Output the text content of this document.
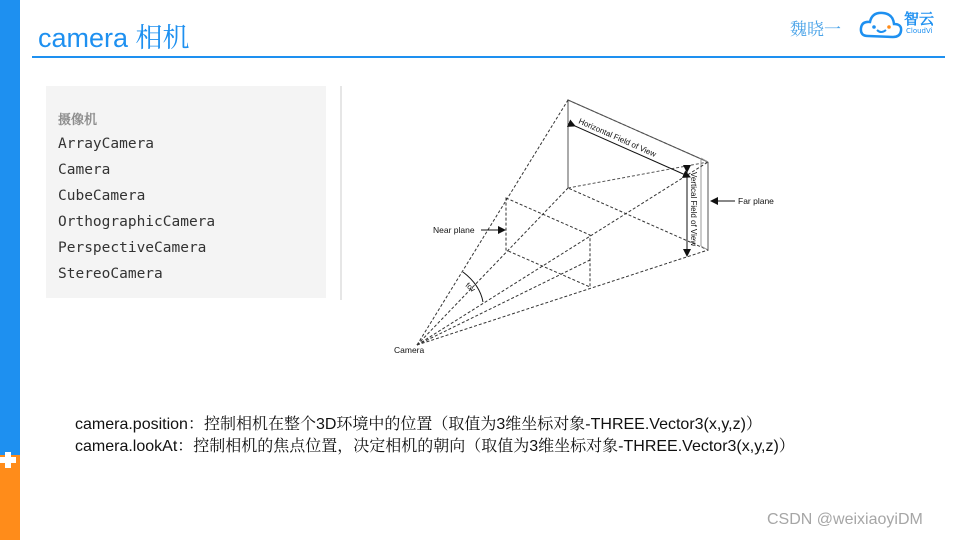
camera 相机	魏晓一
智云
CloudVi
摄像机
ArrayCamera
Camera
CubeCamera
OrthographicCamera
PerspectiveCamera
StereoCamera
Horizontal Field of View
Vertical Field of View	Far plane
Near plane
fov
Camera

camera.position：控制相机在整个3D环境中的位置（取值为3维坐标对象-THREE.Vector3(x,y,z)）

camera.lookAt：控制相机的焦点位置，决定相机的朝向（取值为3维坐标对象-THREE.Vector3(x,y,z)）

CSDN @weixiaoyiDM
